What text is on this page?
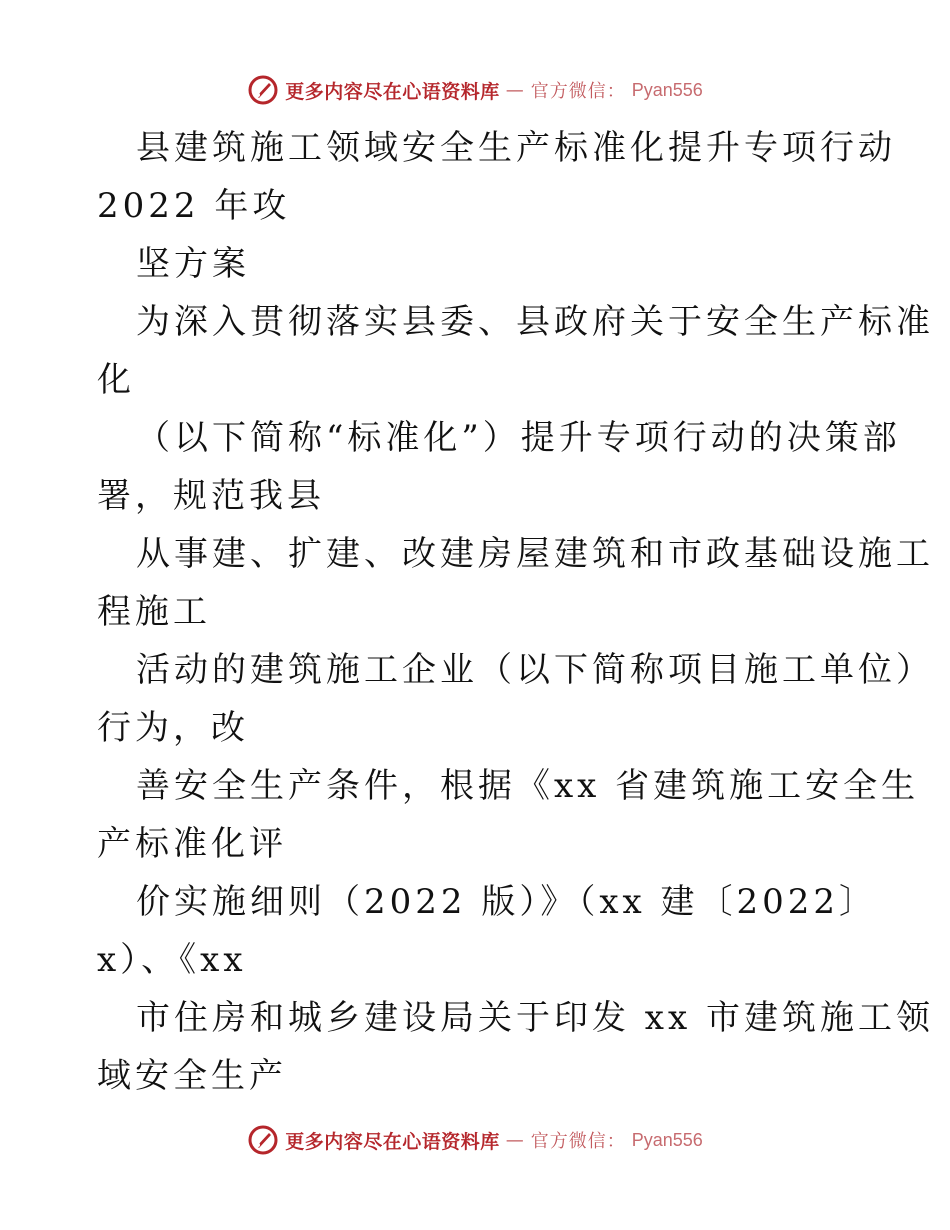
更多内容尽在心语资料库 — 官方微信： Pyan556
县建筑施工领域安全生产标准化提升专项行动
2022 年攻
坚方案
为深入贯彻落实县委、县政府关于安全生产标准
化
（以下简称“标准化”）提升专项行动的决策部
署，规范我县
从事建、扩建、改建房屋建筑和市政基础设施工
程施工
活动的建筑施工企业（以下简称项目施工单位）
行为，改
善安全生产条件，根据《xx 省建筑施工安全生
产标准化评
价实施细则（2022 版）》（xx 建〔2022〕
x）、《xx
市住房和城乡建设局关于印发 xx 市建筑施工领
域安全生产
更多内容尽在心语资料库 — 官方微信： Pyan556
